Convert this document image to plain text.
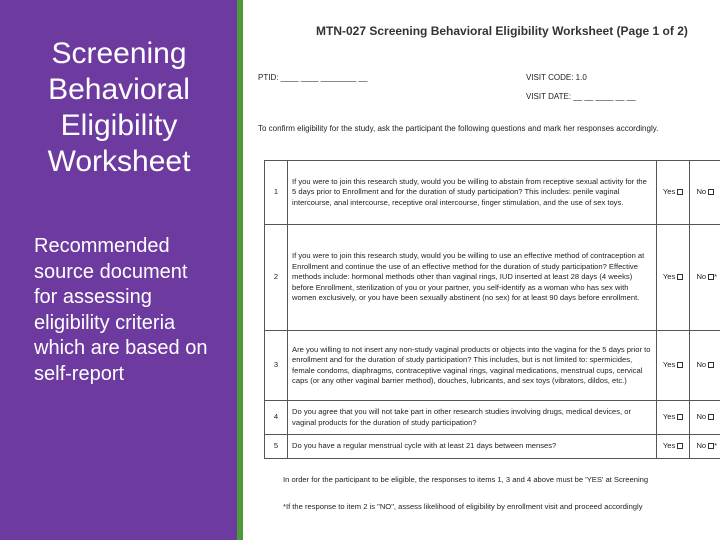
Screening Behavioral Eligibility Worksheet
Recommended source document for assessing eligibility criteria which are based on self-report
MTN-027 Screening Behavioral Eligibility Worksheet (Page 1 of 2)
PTID: ____ ____ ________ __	VISIT CODE: 1.0
VISIT DATE: __ __ ____ __ __
To confirm eligibility for the study, ask the participant the following questions and mark her responses accordingly.
1	If you were to join this research study, would you be willing to abstain from receptive sexual activity for the 5 days prior to Enrollment and for the duration of study participation? This includes: penile vaginal intercourse, anal intercourse, receptive oral intercourse, finger stimulation, and the use of sex toys.	Yes	No
2	If you were to join this research study, would you be willing to use an effective method of contraception at Enrollment and continue the use of an effective method for the duration of study participation? Effective methods include: hormonal methods other than vaginal rings, IUD inserted at least 28 days (4 weeks) before Enrollment, sterilization of you or your partner, you self-identify as a woman who has sex with women exclusively, or you have been sexually abstinent (no sex) for at least 90 days before enrollment.	Yes	No *
3	Are you willing to not insert any non-study vaginal products or objects into the vagina for the 5 days prior to enrollment and for the duration of study participation? This includes, but is not limited to: spermicides, female condoms, diaphragms, contraceptive vaginal rings, vaginal medications, menstrual cups, cervical caps (or any other vaginal barrier method), douches, lubricants, and sex toys (vibrators, dildos, etc.)	Yes	No
4	Do you agree that you will not take part in other research studies involving drugs, medical devices, or vaginal products for the duration of study participation?	Yes	No
5	Do you have a regular menstrual cycle with at least 21 days between menses?	Yes	No *
In order for the participant to be eligible, the responses to items 1, 3 and 4 above must be 'YES' at Screening
*If the response to item 2 is "NO", assess likelihood of eligibility by enrollment visit and proceed accordingly
